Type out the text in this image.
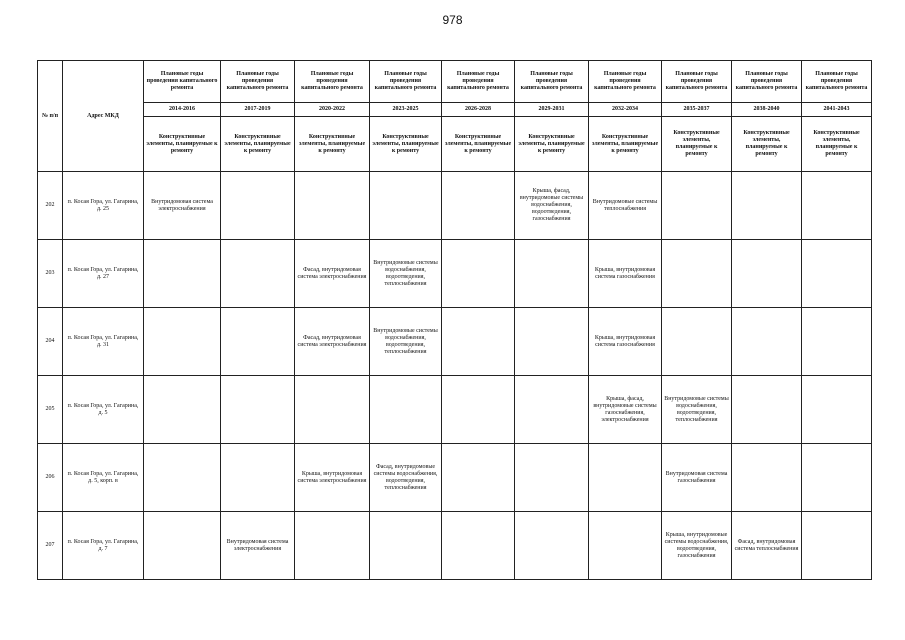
978
№ п/п	Адрес МКД	Плановые годы проведения капитального ремонта	Плановые годы проведения капитального ремонта	Плановые годы проведения капитального ремонта	Плановые годы проведения капитального ремонта	Плановые годы проведения капитального ремонта	Плановые годы проведения капитального ремонта	Плановые годы проведения капитального ремонта	Плановые годы проведения капитального ремонта	Плановые годы проведения капитального ремонта	Плановые годы проведения капитального ремонта
		2014-2016	2017-2019	2020-2022	2023-2025	2026-2028	2029-2031	2032-2034	2035-2037	2038-2040	2041-2043
		Конструктивные элементы, планируемые к ремонту	Конструктивные элементы, планируемые к ремонту	Конструктивные элементы, планируемые к ремонту	Конструктивные элементы, планируемые к ремонту	Конструктивные элементы, планируемые к ремонту	Конструктивные элементы, планируемые к ремонту	Конструктивные элементы, планируемые к ремонту	Конструктивные элементы, планируемые к ремонту	Конструктивные элементы, планируемые к ремонту	Конструктивные элементы, планируемые к ремонту
202	п. Косая Гора, ул. Гагарина, д. 25	Внутридомовая система электроснабжения					Крыша, фасад, внутридомовые системы водоснабжения, водоотведения, газоснабжения	Внутридомовые системы теплоснабжения			
203	п. Косая Гора, ул. Гагарина, д. 27			Фасад, внутридомовая система электроснабжения	Внутридомовые системы водоснабжения, водоотведения, теплоснабжения			Крыша, внутридомовая система газоснабжения			
204	п. Косая Гора, ул. Гагарина, д. 31			Фасад, внутридомовая система электроснабжения	Внутридомовые системы водоснабжения, водоотведения, теплоснабжения			Крыша, внутридомовая система газоснабжения			
205	п. Косая Гора, ул. Гагарина, д. 5							Крыша, фасад, внутридомовые системы газоснабжения, электроснабжения	Внутридомовые системы водоснабжения, водоотведения, теплоснабжения		
206	п. Косая Гора, ул. Гагарина, д. 5, корп. в			Крыша, внутридомовая система электроснабжения	Фасад, внутридомовые системы водоснабжения, водоотведения, теплоснабжения				Внутридомовая система газоснабжения		
207	п. Косая Гора, ул. Гагарина, д. 7		Внутридомовая система электроснабжения						Крыша, внутридомовые системы водоснабжения, водоотведения, газоснабжения	Фасад, внутридомовая система теплоснабжения	
